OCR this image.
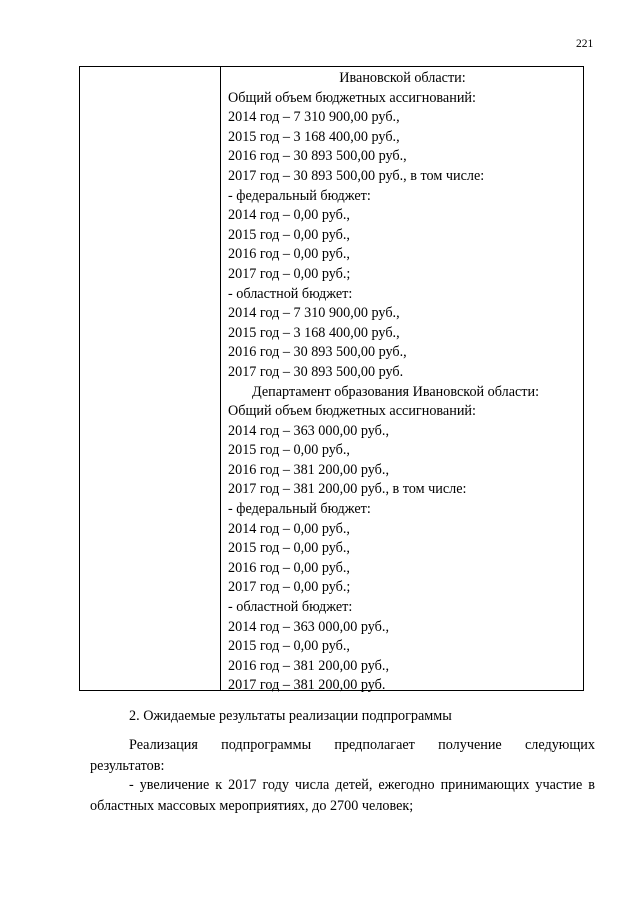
221
Ивановской области:
Общий объем бюджетных ассигнований:
2014 год – 7 310 900,00 руб.,
2015 год – 3 168 400,00 руб.,
2016 год – 30 893 500,00 руб.,
2017 год – 30 893 500,00 руб., в том числе:
- федеральный бюджет:
2014 год – 0,00 руб.,
2015 год – 0,00 руб.,
2016 год – 0,00 руб.,
2017 год – 0,00 руб.;
- областной бюджет:
2014 год – 7 310 900,00 руб.,
2015 год – 3 168 400,00 руб.,
2016 год – 30 893 500,00 руб.,
2017 год – 30 893 500,00 руб.
Департамент образования Ивановской области:
Общий объем бюджетных ассигнований:
2014 год – 363 000,00 руб.,
2015 год – 0,00 руб.,
2016 год – 381 200,00 руб.,
2017 год – 381 200,00 руб., в том числе:
- федеральный бюджет:
2014 год – 0,00 руб.,
2015 год – 0,00 руб.,
2016 год – 0,00 руб.,
2017 год – 0,00 руб.;
- областной бюджет:
2014 год – 363 000,00 руб.,
2015 год – 0,00 руб.,
2016 год – 381 200,00 руб.,
2017 год – 381 200,00 руб.
2. Ожидаемые результаты реализации подпрограммы
Реализация подпрограммы предполагает получение следующих
результатов:
- увеличение к 2017 году числа детей, ежегодно принимающих участие в областных массовых мероприятиях, до 2700 человек;
